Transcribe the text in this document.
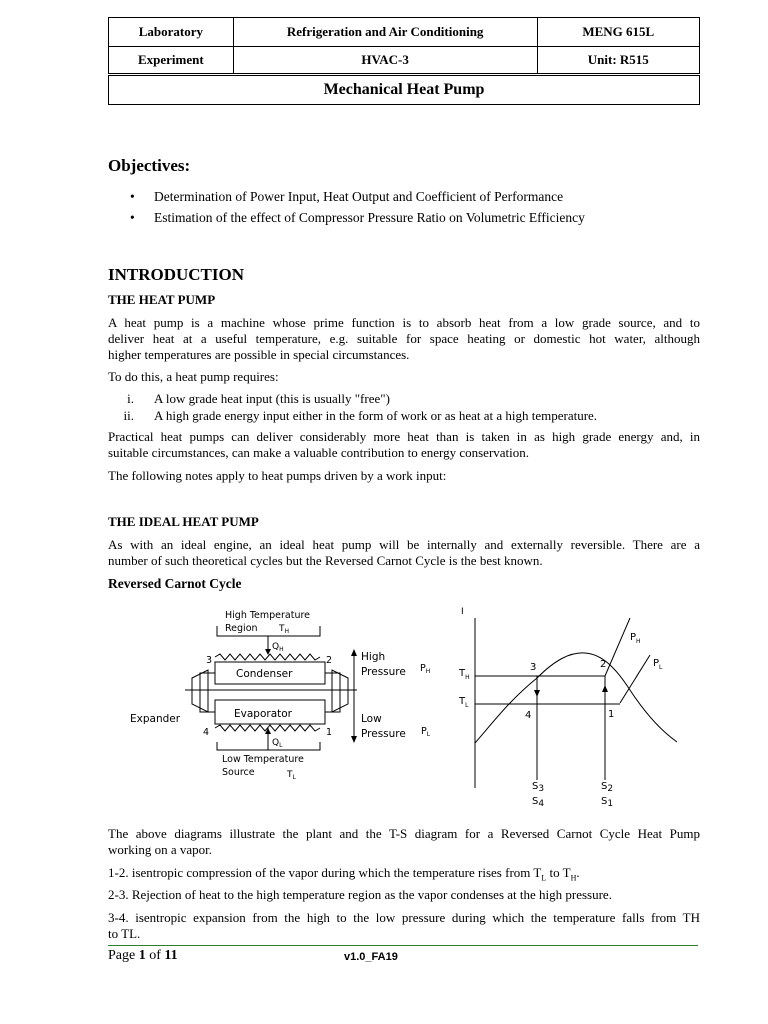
Laboratory	Refrigeration and Air Conditioning	MENG 615L
Experiment	HVAC-3	Unit: R515
Mechanical Heat Pump
Objectives:
• Determination of Power Input, Heat Output and Coefficient of Performance
• Estimation of the effect of Compressor Pressure Ratio on Volumetric Efficiency
INTRODUCTION
THE HEAT PUMP
A heat pump is a machine whose prime function is to absorb heat from a low grade source, and to
deliver heat at a useful temperature, e.g. suitable for space heating or domestic hot water, although
higher temperatures are possible in special circumstances.
To do this, a heat pump requires:
i. A low grade heat input (this is usually "free")
ii. A high grade energy input either in the form of work or as heat at a high temperature.
Practical heat pumps can deliver considerably more heat than is taken in as high grade energy and, in
suitable circumstances, can make a valuable contribution to energy conservation.
The following notes apply to heat pumps driven by a work input:
THE IDEAL HEAT PUMP
As with an ideal engine, an ideal heat pump will be internally and externally reversible. There are a
number of such theoretical cycles but the Reversed Carnot Cycle is the best known.
Reversed Carnot Cycle
High Temperature
Region $T_H$
$Q_H$
Condenser
Evaporator
3	2
4	1
Expander
$Q_L$
Low Temperature
Source	$T_L$
High
Pressure $P_H$
Low
Pressure $P_L$
I
$P_H$
$P_L$
$T_H$
$T_L$
3	2
4	1
S3
S4
S2
S1
The above diagrams illustrate the plant and the T-S diagram for a Reversed Carnot Cycle Heat Pump
working on a vapor.
1-2. isentropic compression of the vapor during which the temperature rises from $T_L$ to $T_H$.
2-3. Rejection of heat to the high temperature region as the vapor condenses at the high pressure.
3-4. isentropic expansion from the high to the low pressure during which the temperature falls from TH
to TL.
Page 1 of 11	v1.0_FA19
